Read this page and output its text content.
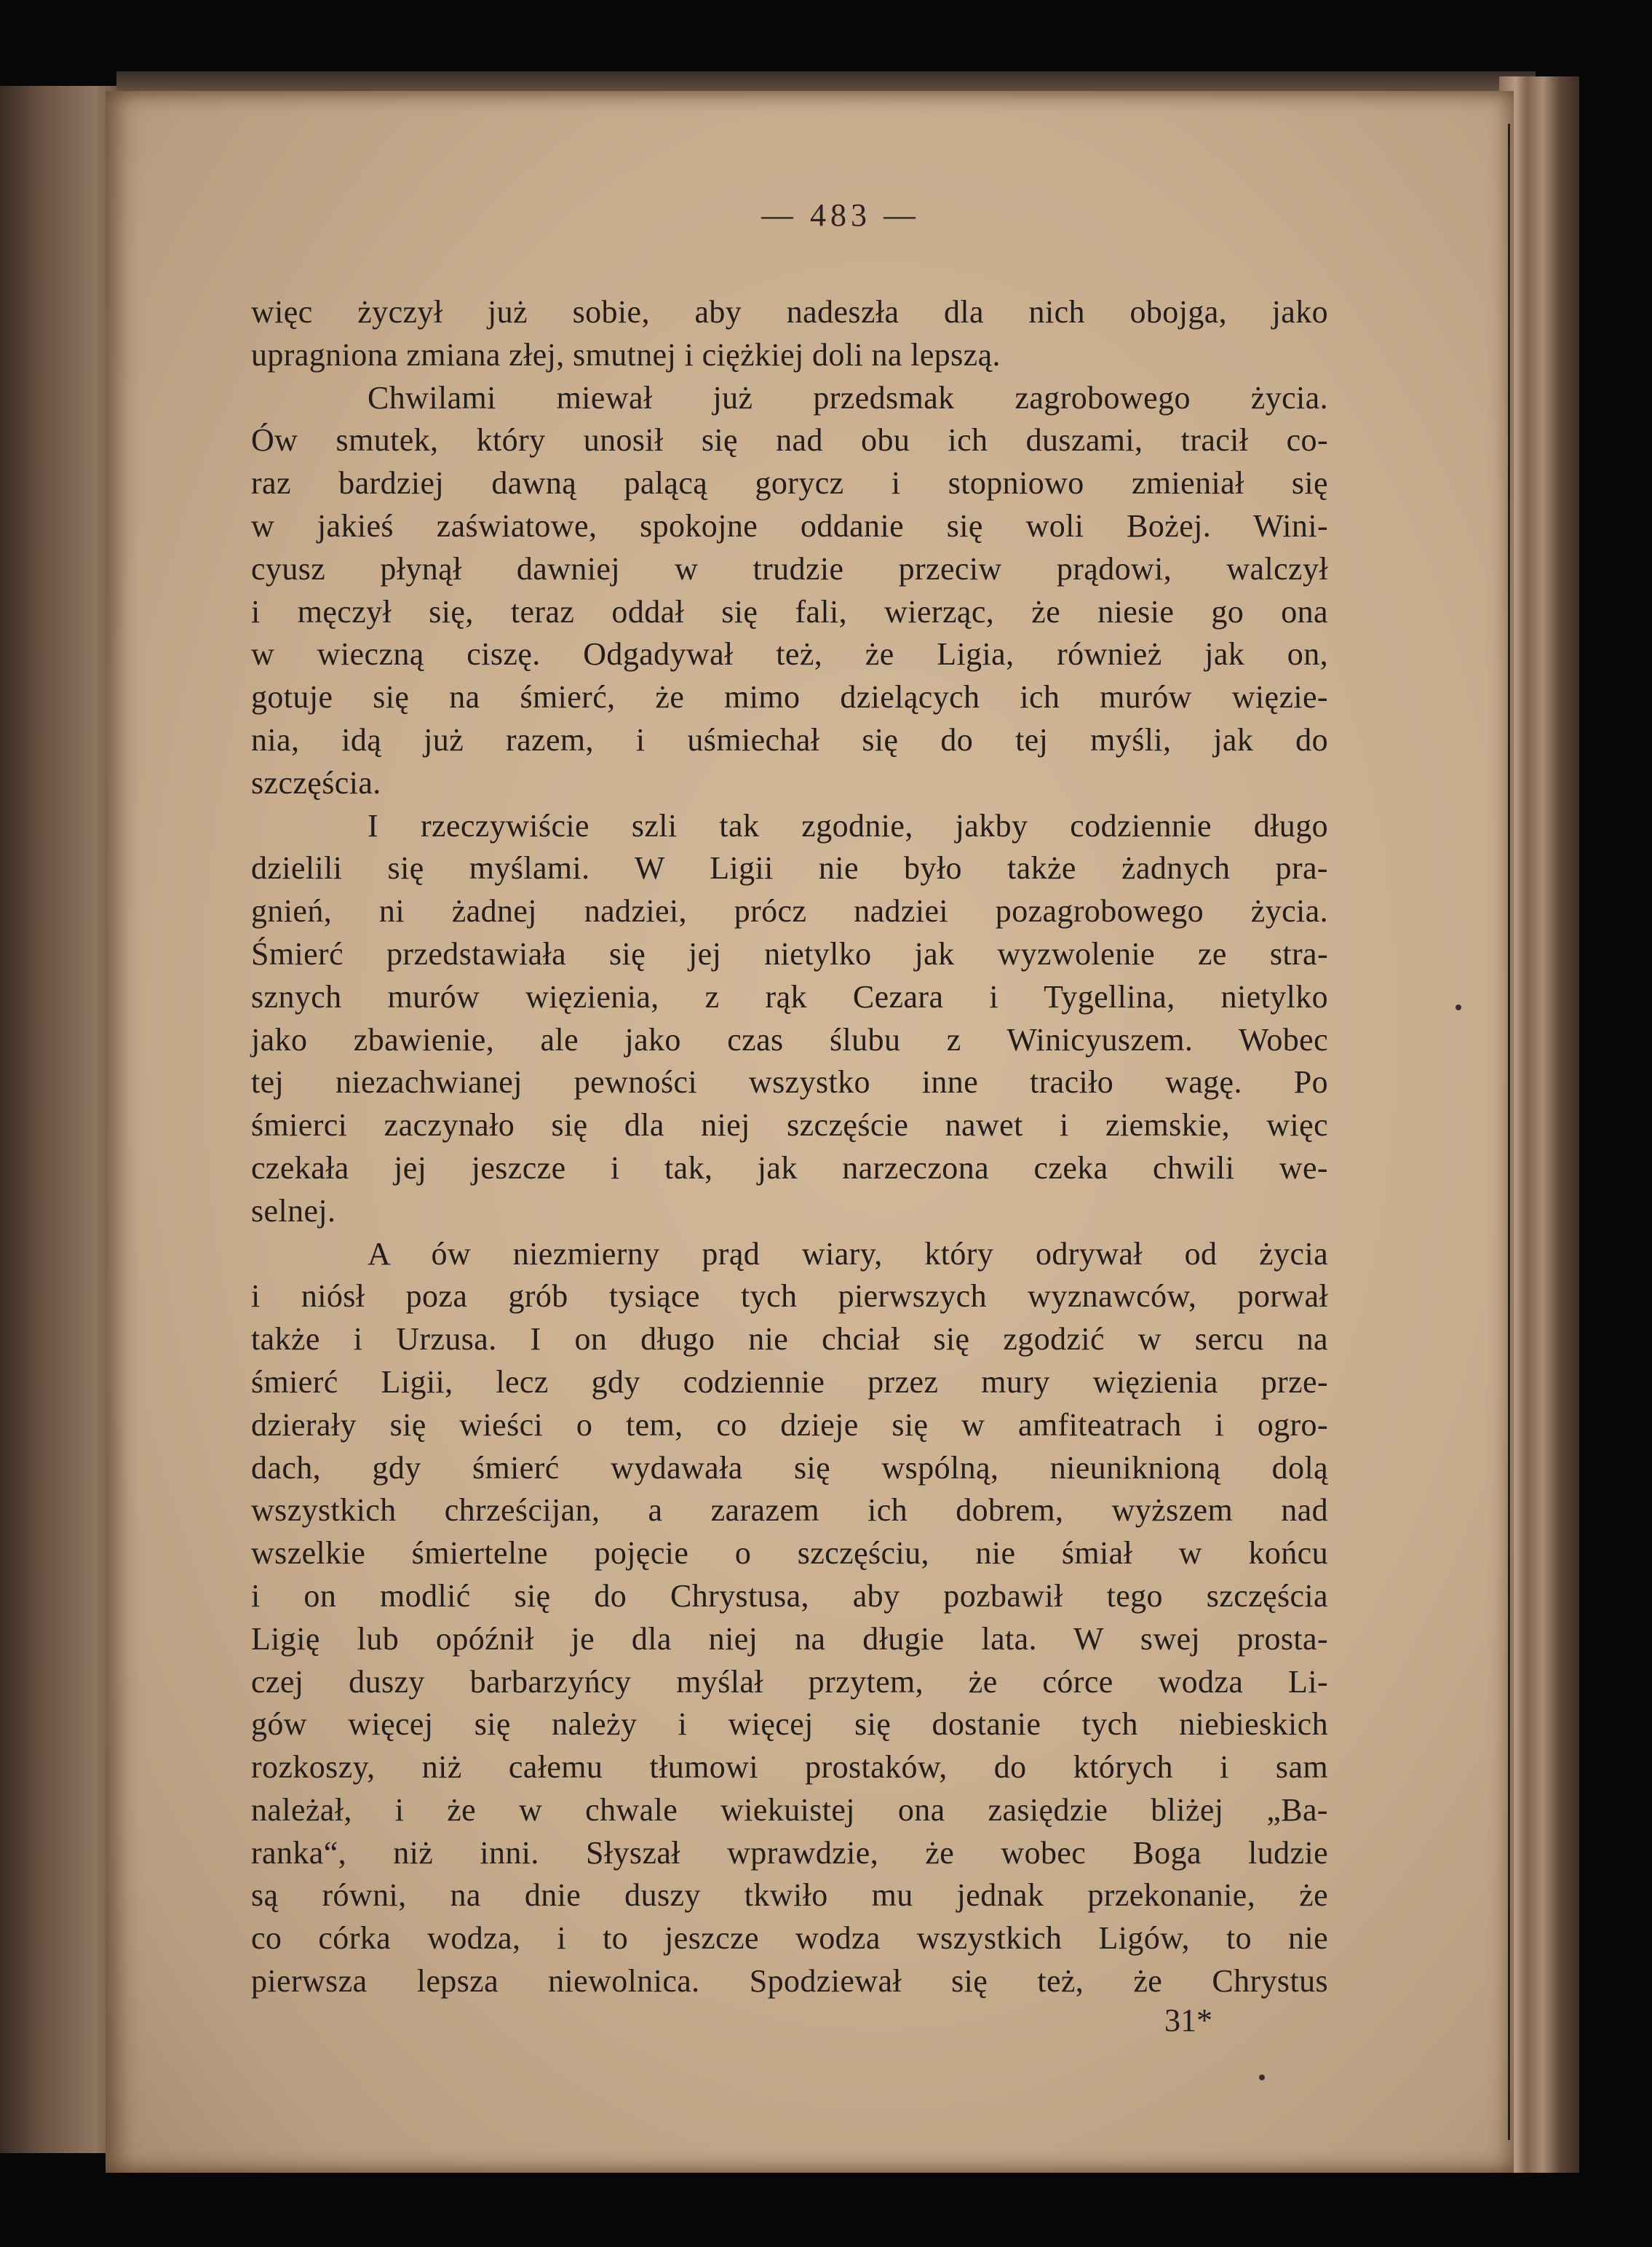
— 483 —
więc życzył już sobie, aby nadeszła dla nich obojga, jako
upragniona zmiana złej, smutnej i ciężkiej doli na lepszą.
Chwilami miewał już przedsmak zagrobowego życia.
Ów smutek, który unosił się nad obu ich duszami, tracił co-
raz bardziej dawną palącą gorycz i stopniowo zmieniał się
w jakieś zaświatowe, spokojne oddanie się woli Bożej. Wini-
cyusz płynął dawniej w trudzie przeciw prądowi, walczył
i męczył się, teraz oddał się fali, wierząc, że niesie go ona
w wieczną ciszę. Odgadywał też, że Ligia, również jak on,
gotuje się na śmierć, że mimo dzielących ich murów więzie-
nia, idą już razem, i uśmiechał się do tej myśli, jak do
szczęścia.
I rzeczywiście szli tak zgodnie, jakby codziennie długo
dzielili się myślami. W Ligii nie było także żadnych pra-
gnień, ni żadnej nadziei, prócz nadziei pozagrobowego życia.
Śmierć przedstawiała się jej nietylko jak wyzwolenie ze stra-
sznych murów więzienia, z rąk Cezara i Tygellina, nietylko
jako zbawienie, ale jako czas ślubu z Winicyuszem. Wobec
tej niezachwianej pewności wszystko inne traciło wagę. Po
śmierci zaczynało się dla niej szczęście nawet i ziemskie, więc
czekała jej jeszcze i tak, jak narzeczona czeka chwili we-
selnej.
A ów niezmierny prąd wiary, który odrywał od życia
i niósł poza grób tysiące tych pierwszych wyznawców, porwał
także i Urzusa. I on długo nie chciał się zgodzić w sercu na
śmierć Ligii, lecz gdy codziennie przez mury więzienia prze-
dzierały się wieści o tem, co dzieje się w amfiteatrach i ogro-
dach, gdy śmierć wydawała się wspólną, nieuniknioną dolą
wszystkich chrześcijan, a zarazem ich dobrem, wyższem nad
wszelkie śmiertelne pojęcie o szczęściu, nie śmiał w końcu
i on modlić się do Chrystusa, aby pozbawił tego szczęścia
Ligię lub opóźnił je dla niej na długie lata. W swej prosta-
czej duszy barbarzyńcy myślał przytem, że córce wodza Li-
gów więcej się należy i więcej się dostanie tych niebieskich
rozkoszy, niż całemu tłumowi prostaków, do których i sam
należał, i że w chwale wiekuistej ona zasiędzie bliżej „Ba-
ranka“, niż inni. Słyszał wprawdzie, że wobec Boga ludzie
są równi, na dnie duszy tkwiło mu jednak przekonanie, że
co córka wodza, i to jeszcze wodza wszystkich Ligów, to nie
pierwsza lepsza niewolnica. Spodziewał się też, że Chrystus
31*
